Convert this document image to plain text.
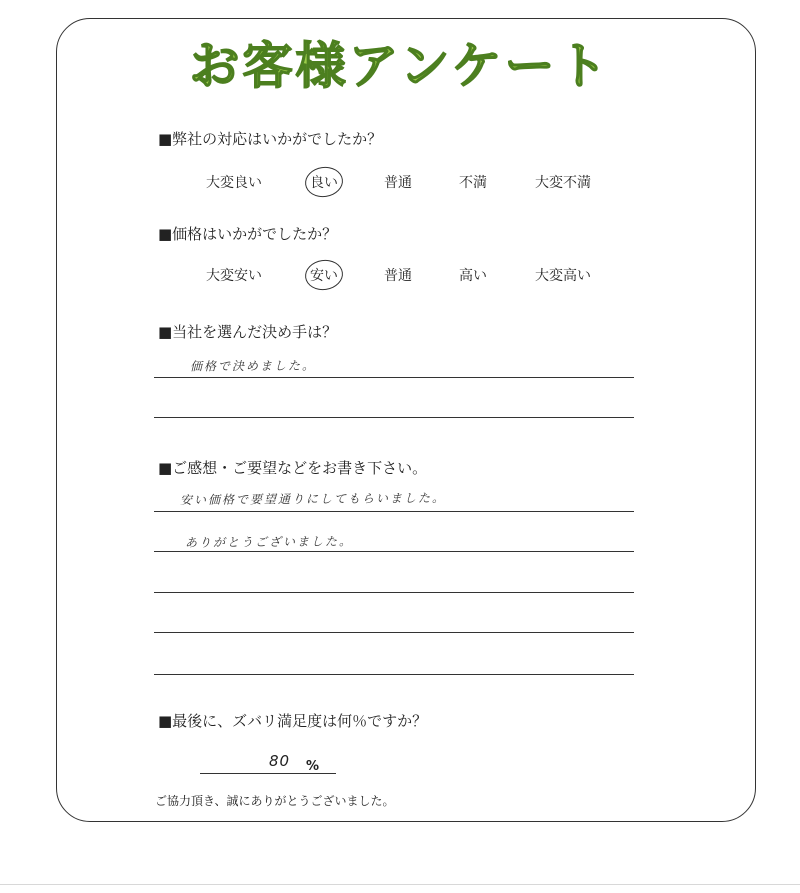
お客様アンケート
■弊社の対応はいかがでしたか？
大変良い	良い	普通	不満	大変不満
■価格はいかがでしたか？
大変安い	安い	普通	高い	大変高い
■当社を選んだ決め手は？
価格で決めました。
■ご感想・ご要望などをお書き下さい。
安い価格で要望通りにしてもらいました。
ありがとうございました。
■最後に、ズバリ満足度は何％ですか？
80 %
ご協力頂き、誠にありがとうございました。
